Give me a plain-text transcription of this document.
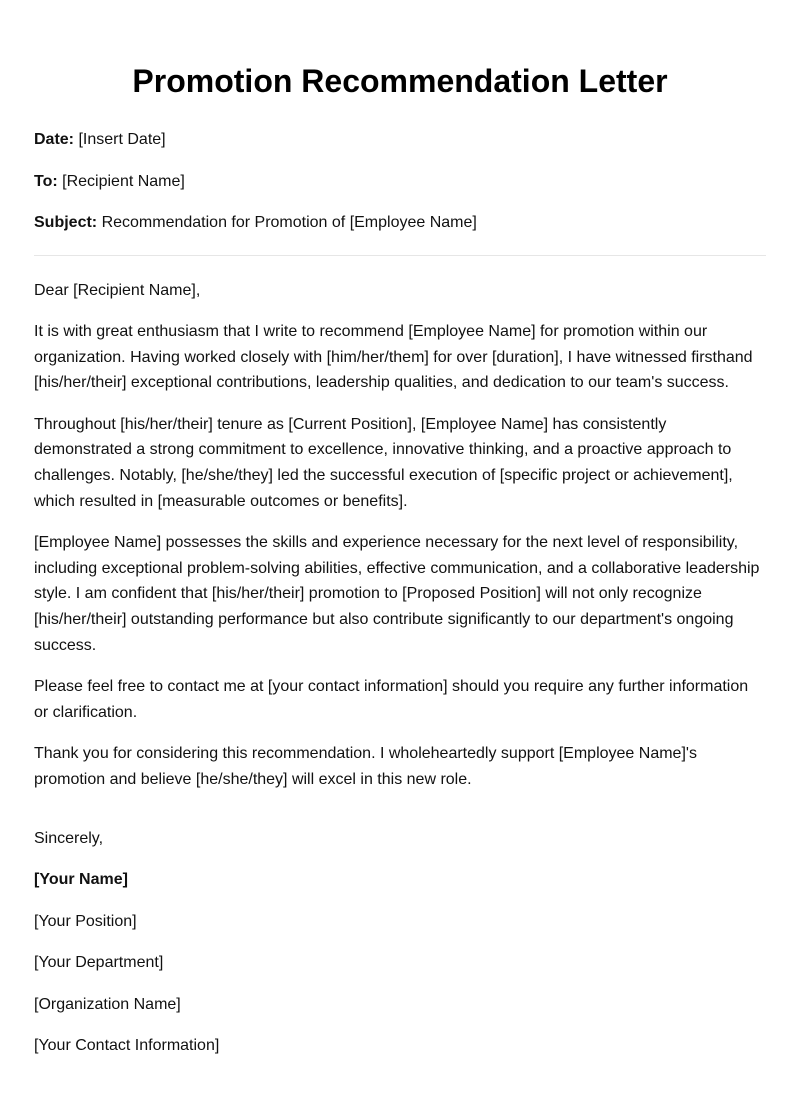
Promotion Recommendation Letter
Date: [Insert Date]
To: [Recipient Name]
Subject: Recommendation for Promotion of [Employee Name]

Dear [Recipient Name],

It is with great enthusiasm that I write to recommend [Employee Name] for promotion within our organization. Having worked closely with [him/her/them] for over [duration], I have witnessed firsthand [his/her/their] exceptional contributions, leadership qualities, and dedication to our team's success.

Throughout [his/her/their] tenure as [Current Position], [Employee Name] has consistently demonstrated a strong commitment to excellence, innovative thinking, and a proactive approach to challenges. Notably, [he/she/they] led the successful execution of [specific project or achievement], which resulted in [measurable outcomes or benefits].

[Employee Name] possesses the skills and experience necessary for the next level of responsibility, including exceptional problem-solving abilities, effective communication, and a collaborative leadership style. I am confident that [his/her/their] promotion to [Proposed Position] will not only recognize [his/her/their] outstanding performance but also contribute significantly to our department's ongoing success.

Please feel free to contact me at [your contact information] should you require any further information or clarification.

Thank you for considering this recommendation. I wholeheartedly support [Employee Name]'s promotion and believe [he/she/they] will excel in this new role.

Sincerely,
[Your Name]
[Your Position]
[Your Department]
[Organization Name]
[Your Contact Information]
